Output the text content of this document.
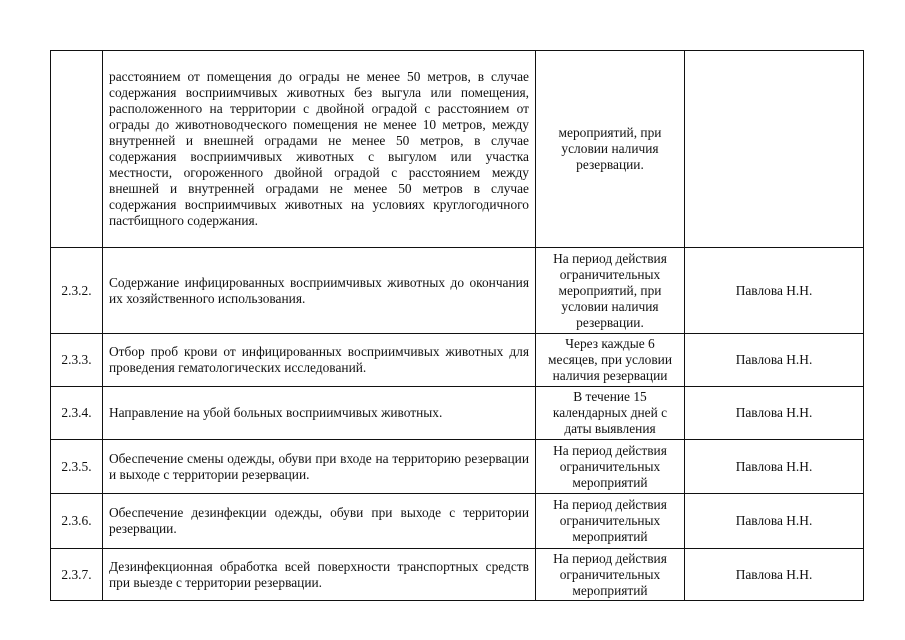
	расстоянием от помещения до ограды не менее 50 метров, в случае содержания восприимчивых животных без выгула или помещения, расположенного на территории с двойной оградой с расстоянием от ограды до животноводческого помещения не менее 10 метров, между внутренней и внешней оградами не менее 50 метров, в случае содержания восприимчивых животных с выгулом или участка местности, огороженного двойной оградой с расстоянием между внешней и внутренней оградами не менее 50 метров в случае содержания восприимчивых животных на условиях круглогодичного пастбищного содержания.	мероприятий, при условии наличия резервации.	

2.3.2.	Содержание инфицированных восприимчивых животных до окончания их хозяйственного использования.	На период действия ограничительных мероприятий, при условии наличия резервации.	Павлова Н.Н.
2.3.3.	Отбор проб крови от инфицированных восприимчивых животных для проведения гематологических исследований.	Через каждые 6 месяцев, при условии наличия резервации	Павлова Н.Н.
2.3.4.	Направление на убой больных восприимчивых животных.	В течение 15 календарных дней с даты выявления	Павлова Н.Н.
2.3.5.	Обеспечение смены одежды, обуви при входе на территорию резервации и выходе с территории резервации.	На период действия ограничительных мероприятий	Павлова Н.Н.
2.3.6.	Обеспечение дезинфекции одежды, обуви при выходе с территории резервации.	На период действия ограничительных мероприятий	Павлова Н.Н.
2.3.7.	Дезинфекционная обработка всей поверхности транспортных средств при выезде с территории резервации.	На период действия ограничительных мероприятий	Павлова Н.Н.
